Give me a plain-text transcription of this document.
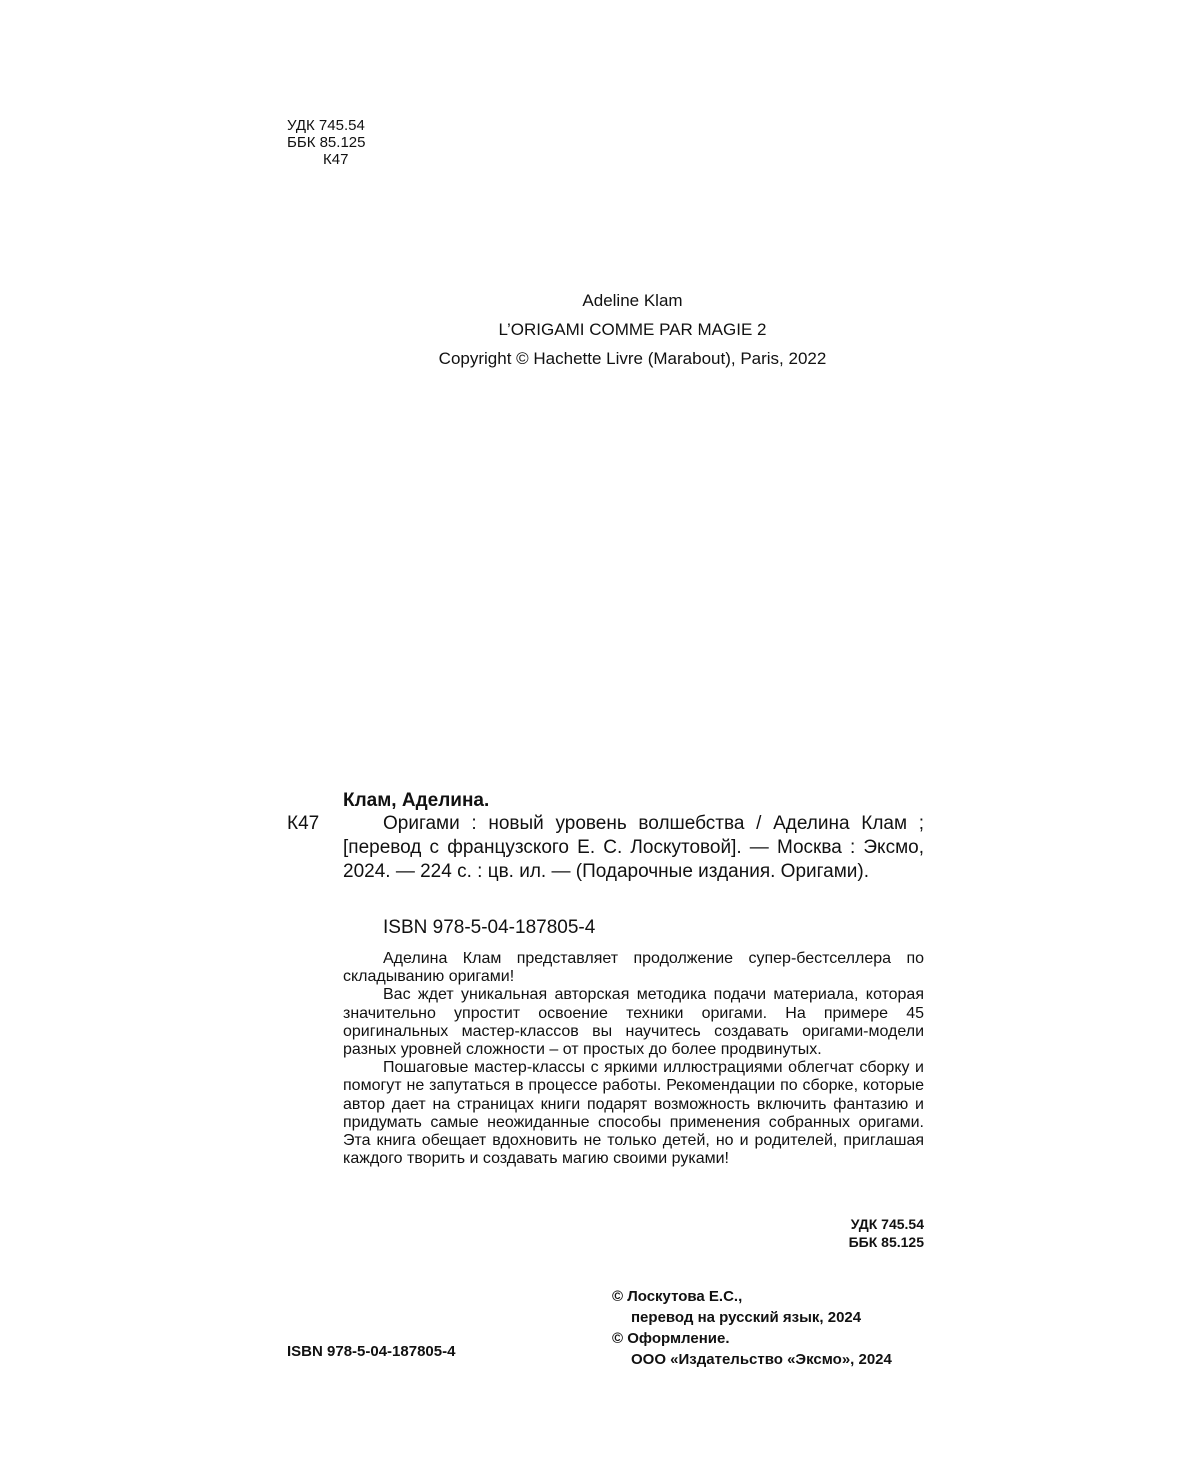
УДК 745.54
ББК 85.125
К47
Adeline Klam
L’ORIGAMI COMME PAR MAGIE 2
Copyright © Hachette Livre (Marabout), Paris, 2022
Клам, Аделина.
К47	Оригами : новый уровень волшебства / Аделина Клам ; [перевод с французского Е. С. Лоскутовой]. — Москва : Эксмо, 2024. — 224 с. : цв. ил. — (Подарочные издания. Оригами).
ISBN 978-5-04-187805-4

Аделина Клам представляет продолжение супер-бестселлера по складыванию оригами!

Вас ждет уникальная авторская методика подачи материала, которая значительно упростит освоение техники оригами. На примере 45 оригинальных мастер-классов вы научитесь создавать оригами-модели разных уровней сложности – от простых до более продвинутых.

Пошаговые мастер-классы с яркими иллюстрациями облегчат сборку и помогут не запутаться в процессе работы. Рекомендации по сборке, которые автор дает на страницах книги подарят возможность включить фантазию и придумать самые неожиданные способы применения собранных оригами. Эта книга обещает вдохновить не только детей, но и родителей, приглашая каждого творить и создавать магию своими руками!

УДК 745.54
ББК 85.125
© Лоскутова Е.С.,
перевод на русский язык, 2024
© Оформление.
ООО «Издательство «Эксмо», 2024
ISBN 978-5-04-187805-4
